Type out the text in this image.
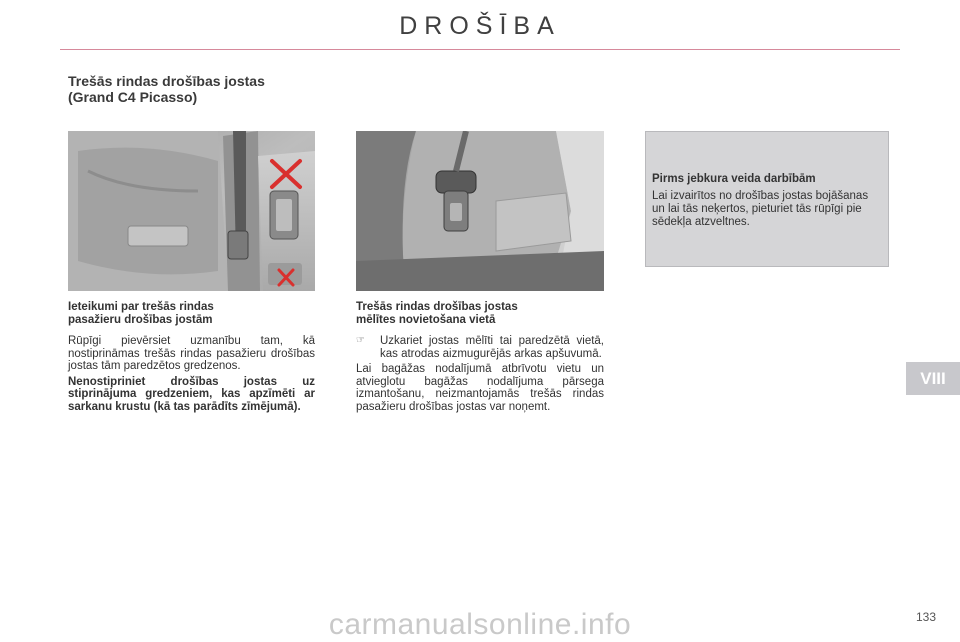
DROŠĪBA
Trešās rindas drošības jostas
(Grand C4 Picasso)

Pirms jebkura veida darbībām

Lai izvairītos no drošības jostas bojāšanas un lai tās neķertos, pieturiet tās rūpīgi pie sēdekļa atzveltnes.

Ieteikumi par trešās rindas
pasažieru drošības jostām

Rūpīgi pievērsiet uzmanību tam, kā nostiprināmas trešās rindas pasažieru drošības jostas tām paredzētos gredzenos.

Nenostipriniet drošības jostas uz stiprinājuma gredzeniem, kas apzīmēti ar sarkanu krustu (kā tas parādīts zīmējumā).

Trešās rindas drošības jostas
mēlītes novietošana vietā
☞	Uzkariet jostas mēlīti tai paredzētā vietā, kas atrodas aizmugurējās arkas apšuvumā.

Lai bagāžas nodalījumā atbrīvotu vietu un atvieglotu bagāžas nodalījuma pārsega izmantošanu, neizmantojamās trešās rindas pasažieru drošības jostas var noņemt.

VIII
carmanualsonline.info	133
